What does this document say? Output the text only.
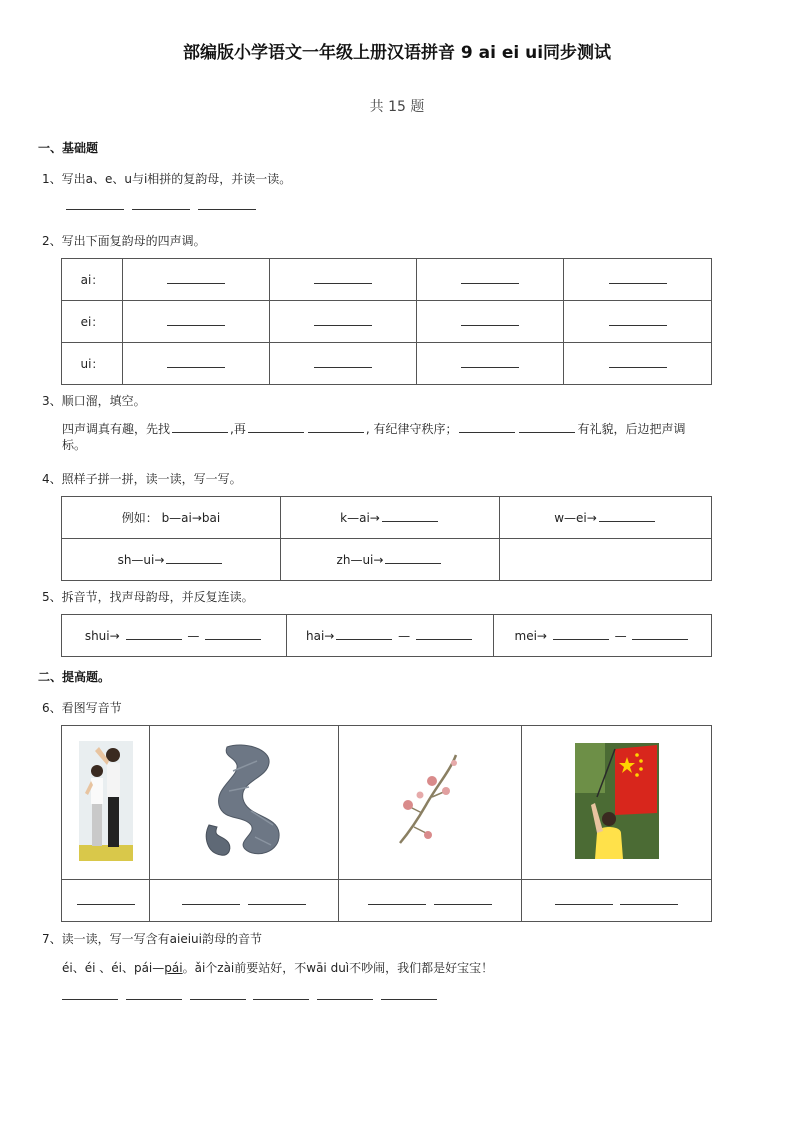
部编版小学语文一年级上册汉语拼音 9 ai ei ui同步测试
共 15 题
一、基础题
1、写出a、e、u与i相拼的复韵母，并读一读。

2、写出下面复韵母的四声调。
ai：				
ei：				
ui：				
3、顺口溜，填空。
四声调真有趣，先找	,再	, 有纪律守秩序；	有礼貌，后边把声调
标。
4、照样子拼一拼，读一读，写一写。
例如： b—ai→bai	k—ai→	w—ei→
sh—ui→	zh—ui→	
5、拆音节，找声母韵母，并反复连读。
shui→	—	hai→	—	mei→	—
二、提高题。
6、看图写音节

7、读一读，写一写含有aieiui韵母的音节
éi、éi 、éi、pái—pái。ǎi个zài前要站好，不wāi duì不吵闹，我们都是好宝宝！
